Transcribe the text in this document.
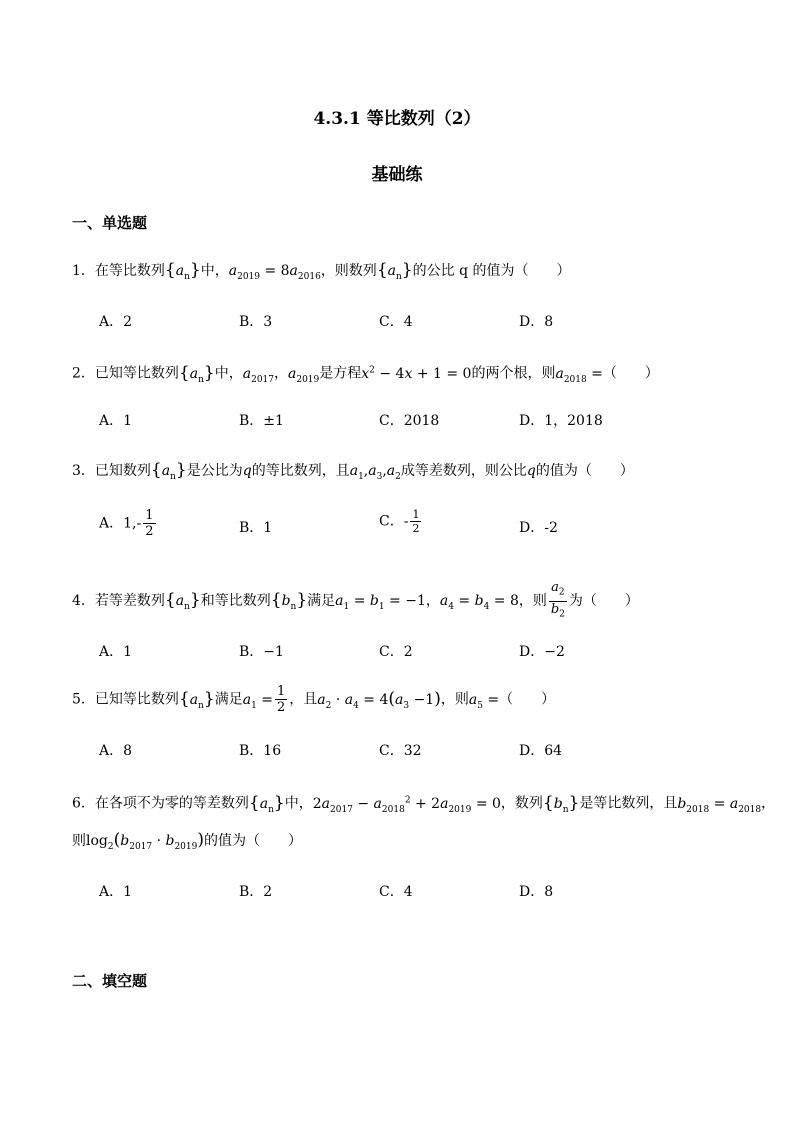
4.3.1 等比数列（2）
基础练
一、单选题
1．在等比数列$\{a_n\}$中，$a_{2019} = 8a_{2016}$，则数列$\{a_n\}$的公比 q 的值为（　　）
A．2	B．3	C．4	D．8
2．已知等比数列$\{a_n\}$中，$a_{2017}$，$a_{2019}$是方程$x^2 - 4x + 1 = 0$的两个根，则$a_{2018}$ =（　　）
A．1	B．±1	C．2018	D．1，2018
3．已知数列$\{a_n\}$是公比为q的等比数列，且$a_1,a_3,a_2$成等差数列，则公比q的值为（　　）
A．$1,- \frac{1}{2}$	B．1	C．- $\frac{1}{2}$	D．-2
4．若等差数列$\{a_n\}$和等比数列$\{b_n\}$满足$a_1 = b_1 = -1$，$a_4 = b_4 = 8$，则 $\frac{a_2}{b_2}$ 为（　　）
A．1	B．−1	C．2	D．−2
5．已知等比数列$\{a_n\}$满足$a_1 = \frac{1}{2}$ ，且$a_2 \cdot a_4 = 4(a_3 -1)$，则$a_5$ =（　　）
A．8	B．16	C．32	D．64
6．在各项不为零的等差数列$\{a_n\}$中，$2a_{2017} - a_{2018}^2 + 2a_{2019} = 0$，数列$\{b_n\}$是等比数列，且$b_{2018} = a_{2018}$，
则$\log_2(b_{2017} \cdot b_{2019})$的值为（　　）
A．1	B．2	C．4	D．8
二、填空题
